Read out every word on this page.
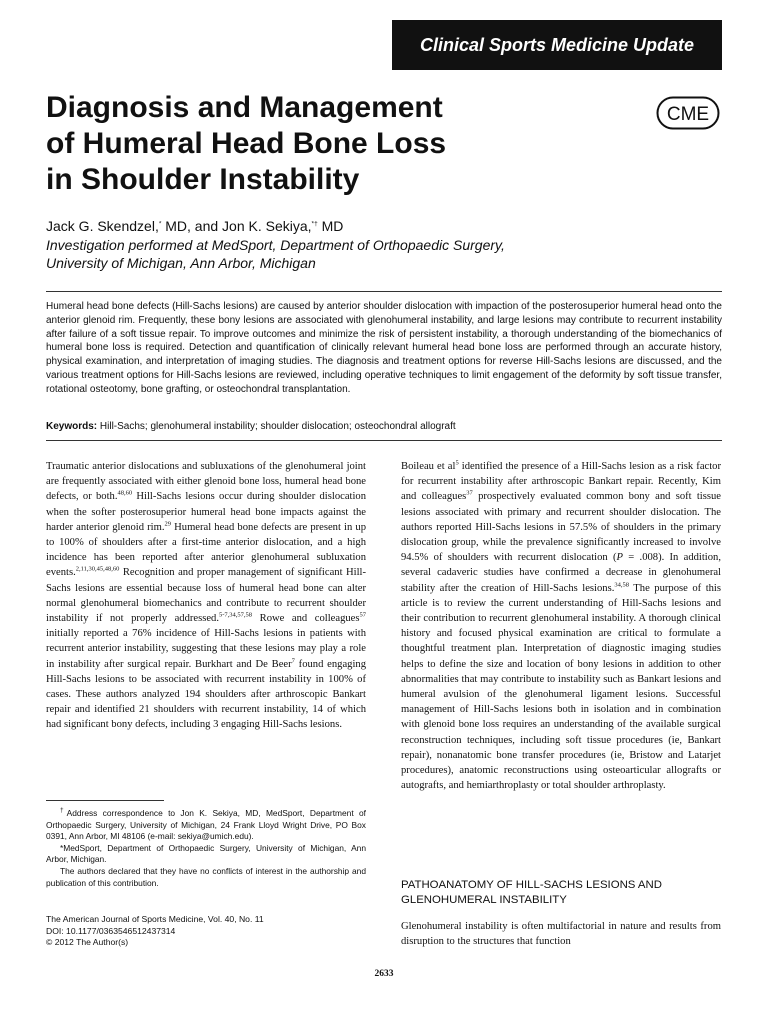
Clinical Sports Medicine Update
Diagnosis and Management
of Humeral Head Bone Loss
in Shoulder Instability
CME
Jack G. Skendzel,* MD, and Jon K. Sekiya,*† MD
Investigation performed at MedSport, Department of Orthopaedic Surgery,
University of Michigan, Ann Arbor, Michigan

Humeral head bone defects (Hill-Sachs lesions) are caused by anterior shoulder dislocation with impaction of the posterosuperior humeral head onto the anterior glenoid rim. Frequently, these bony lesions are associated with glenohumeral instability, and large lesions may contribute to recurrent instability after failure of a soft tissue repair. To improve outcomes and minimize the risk of persistent instability, a thorough understanding of the biomechanics of humeral bone loss is required. Detection and quantification of clinically relevant humeral head bone loss are performed through an accurate history, physical examination, and interpretation of imaging studies. The diagnosis and treatment options for reverse Hill-Sachs lesions are discussed, and the various treatment options for Hill-Sachs lesions are reviewed, including operative techniques to limit engagement of the deformity by soft tissue transfer, rotational osteotomy, bone grafting, or osteochondral transplantation.

Keywords: Hill-Sachs; glenohumeral instability; shoulder dislocation; osteochondral allograft

Traumatic anterior dislocations and subluxations of the glenohumeral joint are frequently associated with either glenoid bone loss, humeral head bone defects, or both.$^{48,60}$ Hill-Sachs lesions occur during shoulder dislocation when the softer posterosuperior humeral head bone impacts against the harder anterior glenoid rim.$^{29}$ Humeral head bone defects are present in up to 100% of shoulders after a first-time anterior dislocation, and a high incidence has been reported after anterior glenohumeral subluxation events.$^{2,11,30,45,48,60}$ Recognition and proper management of significant Hill-Sachs lesions are essential because loss of humeral head bone can alter normal glenohumeral biomechanics and contribute to recurrent shoulder instability if not properly addressed.$^{5-7,34,57,58}$ Rowe and colleagues$^{57}$ initially reported a 76% incidence of Hill-Sachs lesions in patients with recurrent anterior instability, suggesting that these lesions may play a role in instability after surgical repair. Burkhart and De Beer$^7$ found engaging Hill-Sachs lesions to be associated with recurrent instability in 100% of cases. These authors analyzed 194 shoulders after arthroscopic Bankart repair and identified 21 shoulders with recurrent instability, 14 of which had significant bony defects, including 3 engaging Hill-Sachs lesions.

†Address correspondence to Jon K. Sekiya, MD, MedSport, Department of Orthopaedic Surgery, University of Michigan, 24 Frank Lloyd Wright Drive, PO Box 0391, Ann Arbor, MI 48106 (e-mail: sekiya@umich.edu).

*MedSport, Department of Orthopaedic Surgery, University of Michigan, Ann Arbor, Michigan.

The authors declared that they have no conflicts of interest in the authorship and publication of this contribution.

The American Journal of Sports Medicine, Vol. 40, No. 11
DOI: 10.1177/0363546512437314
© 2012 The Author(s)

Boileau et $al^5$ identified the presence of a Hill-Sachs lesion as a risk factor for recurrent instability after arthroscopic Bankart repair. Recently, Kim and colleagues$^{37}$ prospectively evaluated common bony and soft tissue lesions associated with primary and recurrent shoulder dislocation. The authors reported Hill-Sachs lesions in 57.5% of shoulders in the primary dislocation group, while the prevalence significantly increased to involve 94.5% of shoulders with recurrent dislocation (P = .008). In addition, several cadaveric studies have confirmed a decrease in glenohumeral stability after the creation of Hill-Sachs lesions.$^{34,58}$ The purpose of this article is to review the current understanding of Hill-Sachs lesions and their contribution to recurrent glenohumeral instability. A thorough clinical history and focused physical examination are critical to formulate a thoughtful treatment plan. Interpretation of diagnostic imaging studies helps to define the size and location of bony lesions in addition to other abnormalities that may contribute to instability such as Bankart lesions and humeral avulsion of the glenohumeral ligament lesions. Successful management of Hill-Sachs lesions both in isolation and in combination with glenoid bone loss requires an understanding of the available surgical reconstruction techniques, including soft tissue procedures (ie, Bankart repair), nonanatomic bone transfer procedures (ie, Bristow and Latarjet procedures), anatomic reconstructions using osteoarticular allografts or autografts, and hemiarthroplasty or total shoulder arthroplasty.

PATHOANATOMY OF HILL-SACHS LESIONS AND
GLENOHUMERAL INSTABILITY

Glenohumeral instability is often multifactorial in nature and results from disruption to the structures that function

2633
